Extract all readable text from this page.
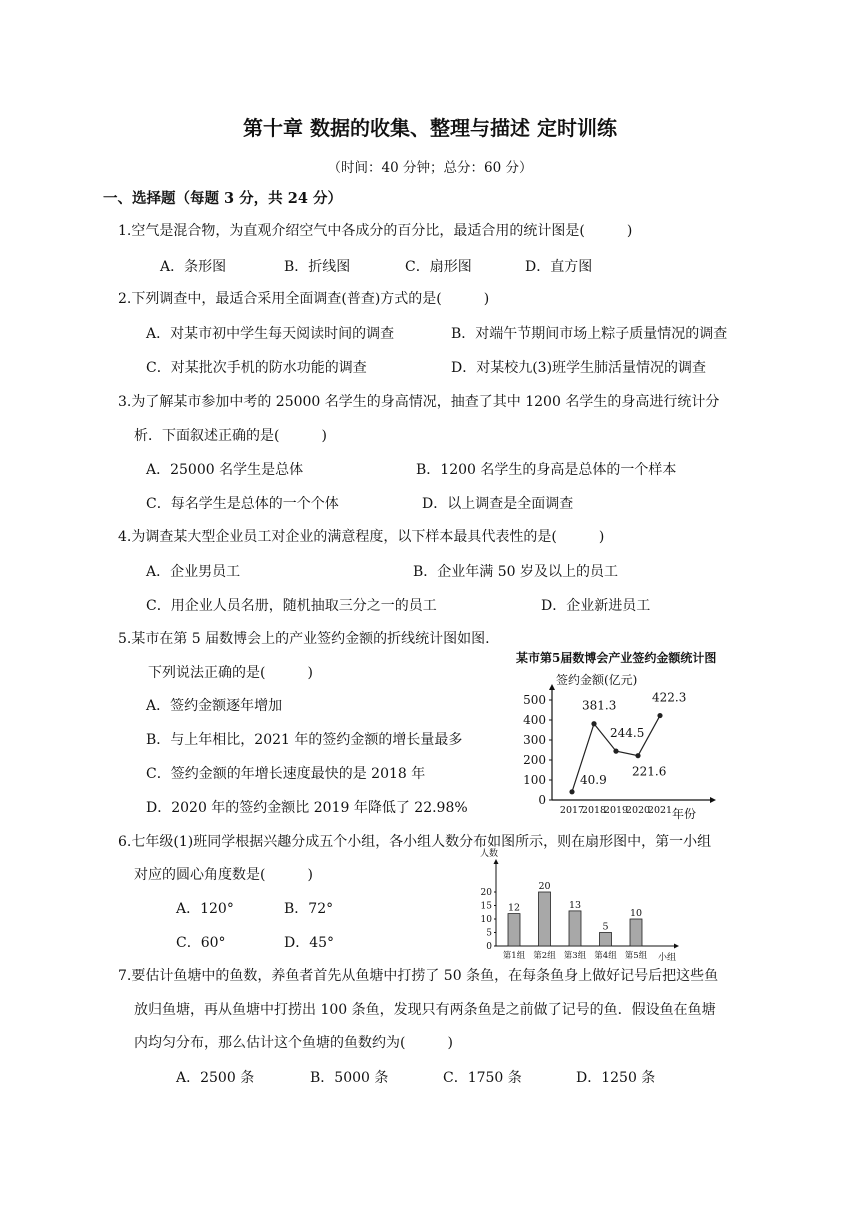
第十章 数据的收集、整理与描述 定时训练
（时间：40 分钟；总分：60 分）
一、选择题（每题 3 分，共 24 分）
1.空气是混合物，为直观介绍空气中各成分的百分比，最适合用的统计图是(　　　)
A．条形图	B．折线图	C．扇形图	D．直方图
2.下列调查中，最适合采用全面调查(普查)方式的是(　　　)
A．对某市初中学生每天阅读时间的调查	B．对端午节期间市场上粽子质量情况的调查
C．对某批次手机的防水功能的调查	D．对某校九(3)班学生肺活量情况的调查
3.为了解某市参加中考的 25000 名学生的身高情况，抽查了其中 1200 名学生的身高进行统计分
析．下面叙述正确的是(　　　)
A．25000 名学生是总体	B．1200 名学生的身高是总体的一个样本
C．每名学生是总体的一个个体	D．以上调查是全面调查
4.为调查某大型企业员工对企业的满意程度，以下样本最具代表性的是(　　　)
A．企业男员工	B．企业年满 50 岁及以上的员工
C．用企业人员名册，随机抽取三分之一的员工	D．企业新进员工
5.某市在第 5 届数博会上的产业签约金额的折线统计图如图.
下列说法正确的是(　　　)
A．签约金额逐年增加
B．与上年相比，2021 年的签约金额的增长量最多
C．签约金额的年增长速度最快的是 2018 年
D．2020 年的签约金额比 2019 年降低了 22.98%
某市第5届数博会产业签约金额统计图
签约金额(亿元)
年份
0
100
200
300
400
500
40.9
2017
381.3
2018
244.5
2019
221.6
2020
422.3
2021
6.七年级(1)班同学根据兴趣分成五个小组，各小组人数分布如图所示，则在扇形图中，第一小组
对应的圆心角度数是(　　　)
A．120°	B．72°
C．60°	D．45°
人数
小组
0
5
10
15
20
12
第1组
20
第2组
13
第3组
5
第4组
10
第5组
7.要估计鱼塘中的鱼数，养鱼者首先从鱼塘中打捞了 50 条鱼，在每条鱼身上做好记号后把这些鱼
放归鱼塘，再从鱼塘中打捞出 100 条鱼，发现只有两条鱼是之前做了记号的鱼．假设鱼在鱼塘
内均匀分布，那么估计这个鱼塘的鱼数约为(　　　)
A．2500 条	B．5000 条	C．1750 条	D．1250 条
